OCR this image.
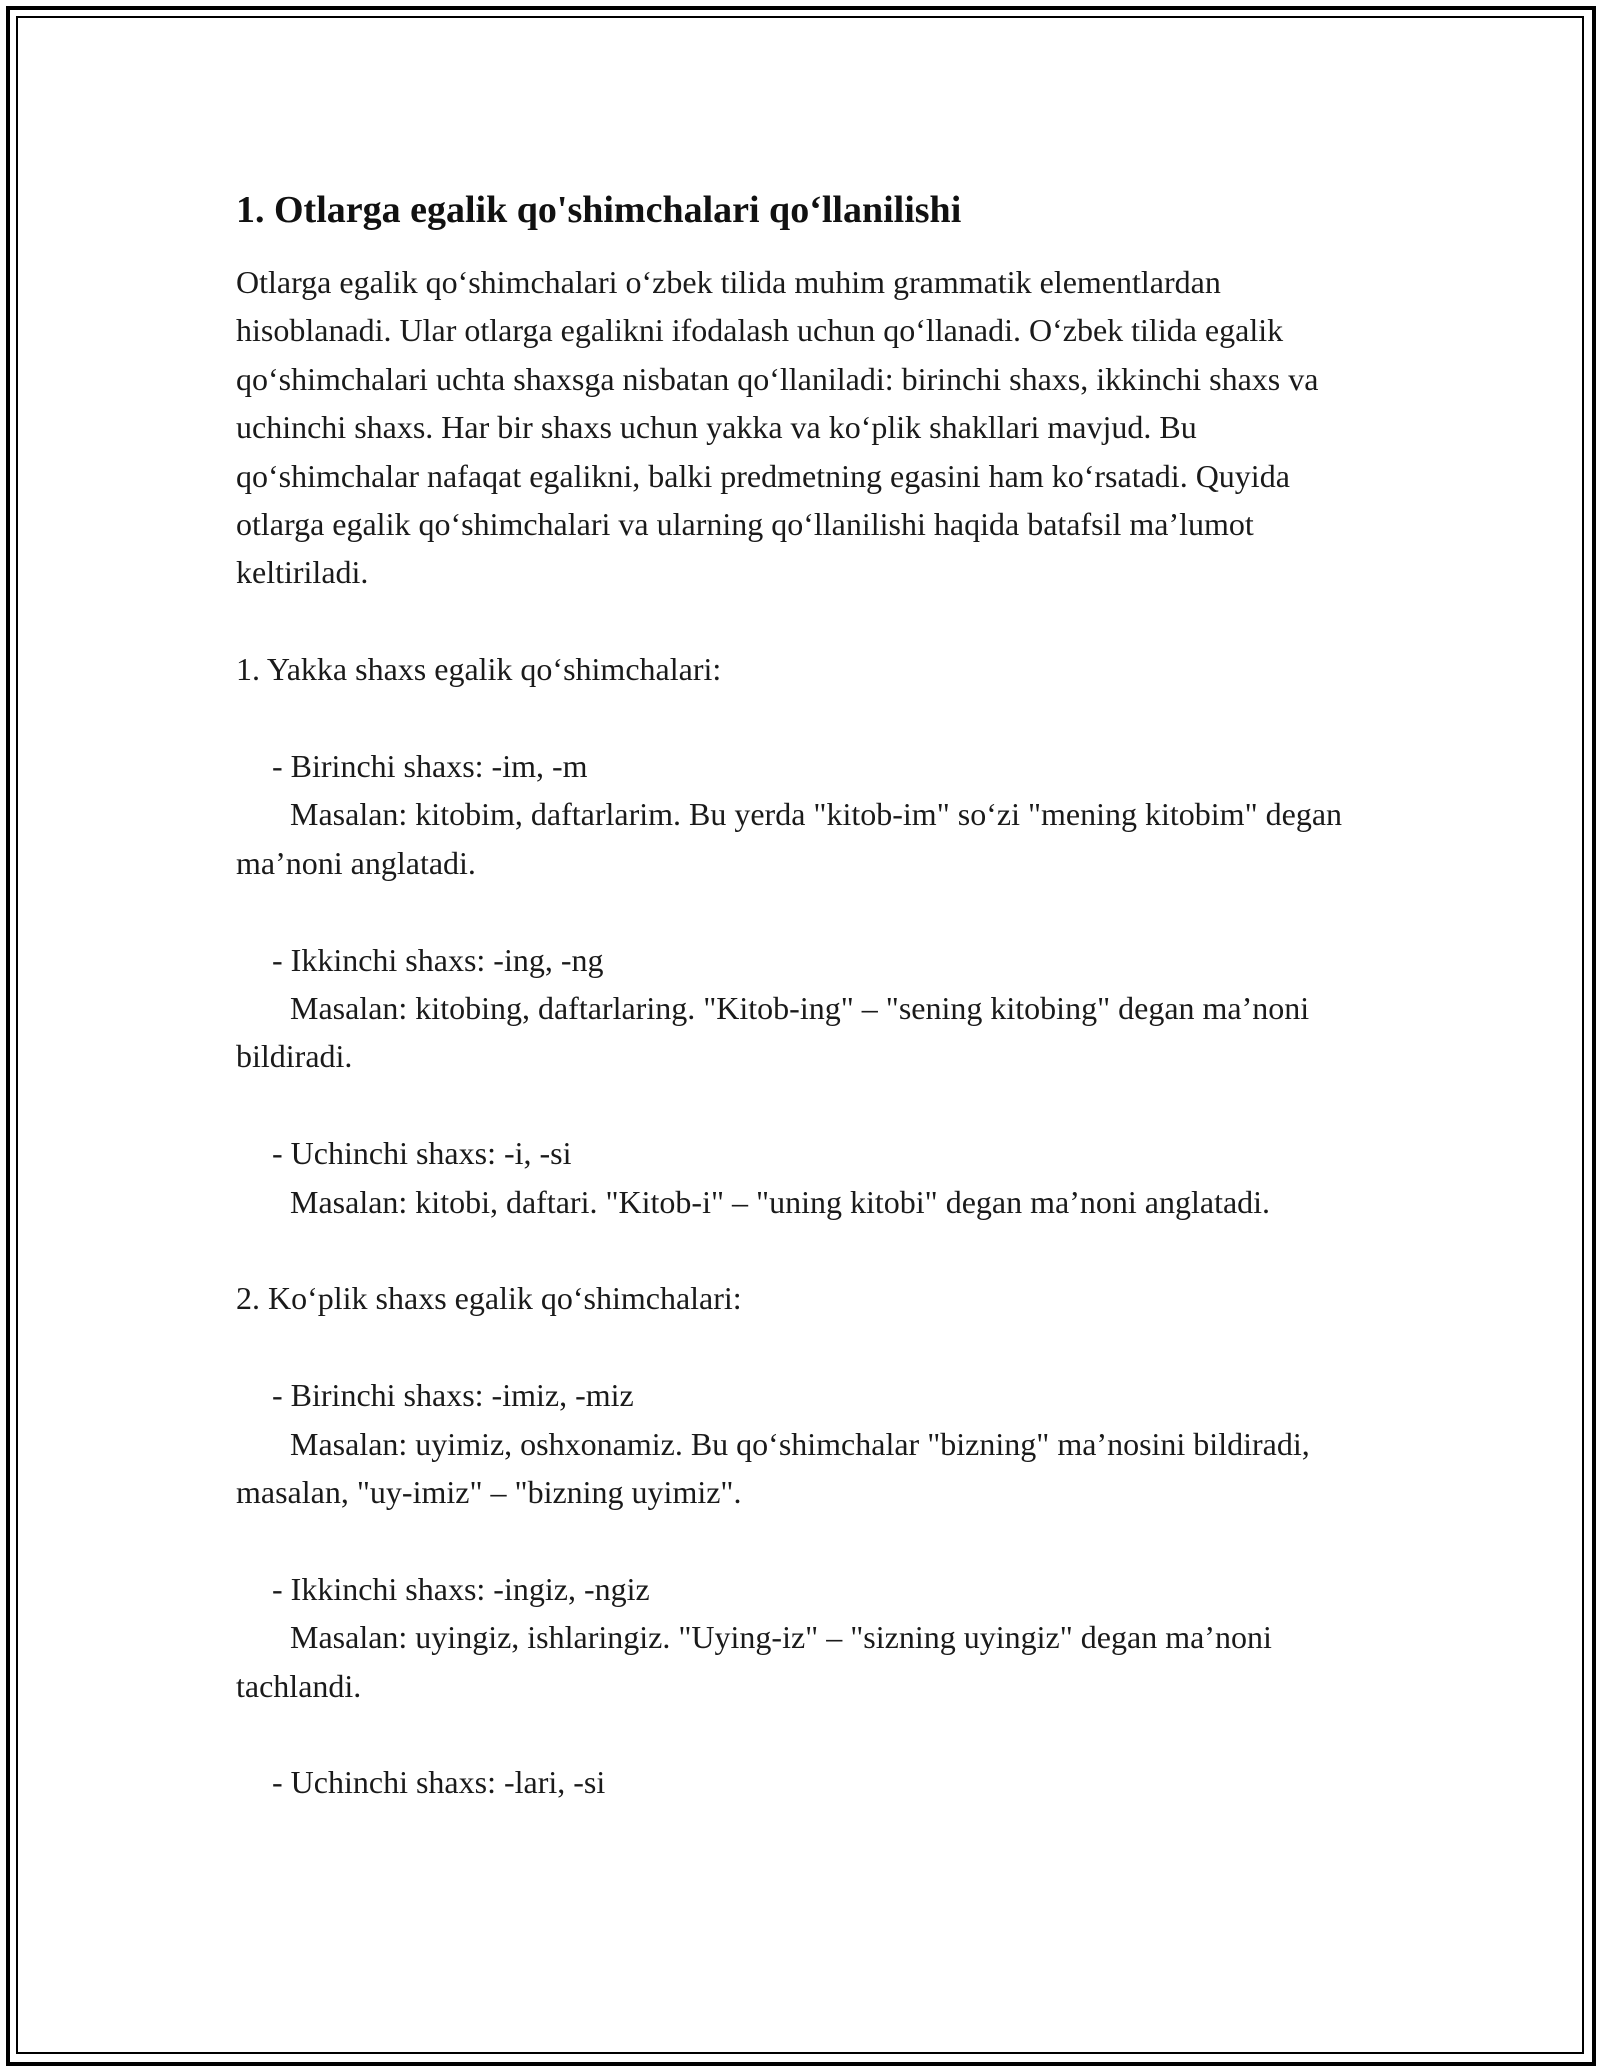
1. Otlarga egalik qo'shimchalari qo‘llanilishi

Otlarga egalik qo‘shimchalari o‘zbek tilida muhim grammatik elementlardan hisoblanadi. Ular otlarga egalikni ifodalash uchun qo‘llanadi. O‘zbek tilida egalik qo‘shimchalari uchta shaxsga nisbatan qo‘llaniladi: birinchi shaxs, ikkinchi shaxs va uchinchi shaxs. Har bir shaxs uchun yakka va ko‘plik shakllari mavjud. Bu qo‘shimchalar nafaqat egalikni, balki predmetning egasini ham ko‘rsatadi. Quyida otlarga egalik qo‘shimchalari va ularning qo‘llanilishi haqida batafsil ma’lumot keltiriladi.

1. Yakka shaxs egalik qo‘shimchalari:

- Birinchi shaxs: -im, -m

Masalan: kitobim, daftarlarim. Bu yerda "kitob-im" so‘zi "mening kitobim" degan ma’noni anglatadi.

- Ikkinchi shaxs: -ing, -ng

Masalan: kitobing, daftarlaring. "Kitob-ing" – "sening kitobing" degan ma’noni bildiradi.

- Uchinchi shaxs: -i, -si

Masalan: kitobi, daftari. "Kitob-i" – "uning kitobi" degan ma’noni anglatadi.

2. Ko‘plik shaxs egalik qo‘shimchalari:

- Birinchi shaxs: -imiz, -miz

Masalan: uyimiz, oshxonamiz. Bu qo‘shimchalar "bizning" ma’nosini bildiradi, masalan, "uy-imiz" – "bizning uyimiz".

- Ikkinchi shaxs: -ingiz, -ngiz

Masalan: uyingiz, ishlaringiz. "Uying-iz" – "sizning uyingiz" degan ma’noni tachlandi.

- Uchinchi shaxs: -lari, -si
